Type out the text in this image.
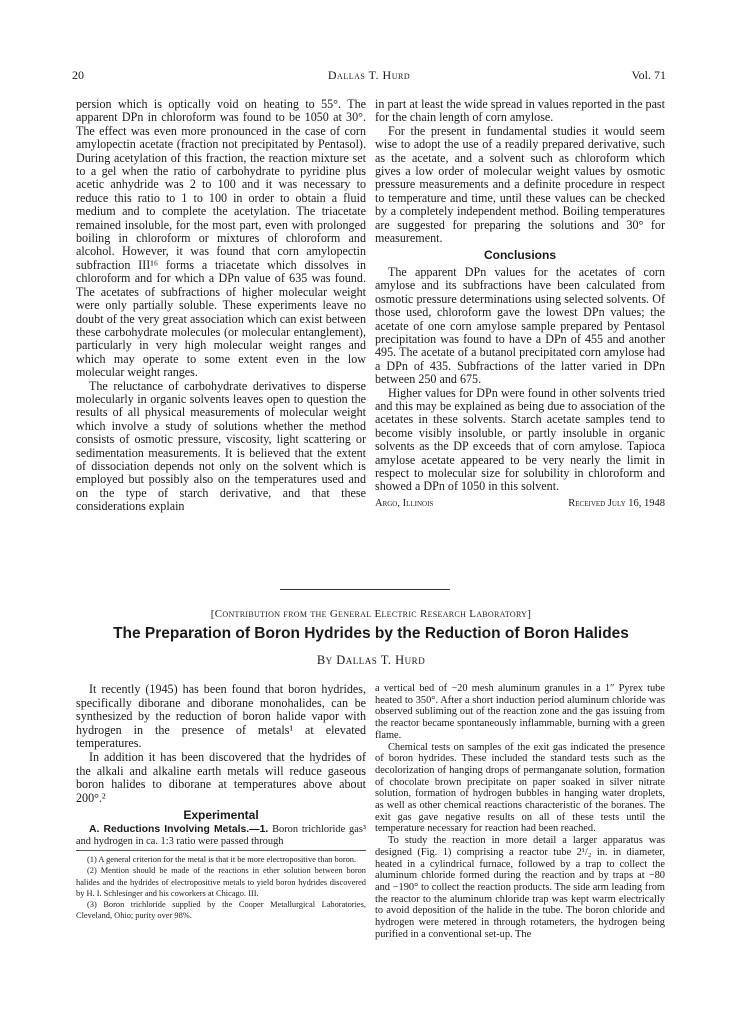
20	Dallas T. Hurd	Vol. 71

persion which is optically void on heating to 55°. The apparent DPn in chloroform was found to be 1050 at 30°. The effect was even more pronounced in the case of corn amylopectin acetate (fraction not precipitated by Pentasol). During acetylation of this fraction, the reaction mixture set to a gel when the ratio of carbohydrate to pyridine plus acetic anhydride was 2 to 100 and it was necessary to reduce this ratio to 1 to 100 in order to obtain a fluid medium and to complete the acetylation. The triacetate remained insoluble, for the most part, even with prolonged boiling in chloroform or mixtures of chloroform and alcohol. However, it was found that corn amylopectin subfraction III¹⁶ forms a triacetate which dissolves in chloroform and for which a DPn value of 635 was found. The acetates of subfractions of higher molecular weight were only partially soluble. These experiments leave no doubt of the very great association which can exist between these carbohydrate molecules (or molecular entanglement), particularly in very high molecular weight ranges and which may operate to some extent even in the low molecular weight ranges.

The reluctance of carbohydrate derivatives to disperse molecularly in organic solvents leaves open to question the results of all physical measurements of molecular weight which involve a study of solutions whether the method consists of osmotic pressure, viscosity, light scattering or sedimentation measurements. It is believed that the extent of dissociation depends not only on the solvent which is employed but possibly also on the temperatures used and on the type of starch derivative, and that these considerations explain

in part at least the wide spread in values reported in the past for the chain length of corn amylose.

For the present in fundamental studies it would seem wise to adopt the use of a readily prepared derivative, such as the acetate, and a solvent such as chloroform which gives a low order of molecular weight values by osmotic pressure measurements and a definite procedure in respect to temperature and time, until these values can be checked by a completely independent method. Boiling temperatures are suggested for preparing the solutions and 30° for measurement.

Conclusions

The apparent DPn values for the acetates of corn amylose and its subfractions have been calculated from osmotic pressure determinations using selected solvents. Of those used, chloroform gave the lowest DPn values; the acetate of one corn amylose sample prepared by Pentasol precipitation was found to have a DPn of 455 and another 495. The acetate of a butanol precipitated corn amylose had a DPn of 435. Subfractions of the latter varied in DPn between 250 and 675.

Higher values for DPn were found in other solvents tried and this may be explained as being due to association of the acetates in these solvents. Starch acetate samples tend to become visibly insoluble, or partly insoluble in organic solvents as the DP exceeds that of corn amylose. Tapioca amylose acetate appeared to be very nearly the limit in respect to molecular size for solubility in chloroform and showed a DPn of 1050 in this solvent.

Argo, Illinois	Received July 16, 1948
[Contribution from the General Electric Research Laboratory]
The Preparation of Boron Hydrides by the Reduction of Boron Halides
By Dallas T. Hurd

It recently (1945) has been found that boron hydrides, specifically diborane and diborane monohalides, can be synthesized by the reduction of boron halide vapor with hydrogen in the presence of metals¹ at elevated temperatures.

In addition it has been discovered that the hydrides of the alkali and alkaline earth metals will reduce gaseous boron halides to diborane at temperatures above about 200°.²

Experimental

A. Reductions Involving Metals.—1. Boron trichloride gas³ and hydrogen in ca. 1:3 ratio were passed through

(1) A general criterion for the metal is that it be more electropositive than boron.

(2) Mention should be made of the reactions in ether solution between boron halides and the hydrides of electropositive metals to yield boron hydrides discovered by H. I. Schlesinger and his coworkers at Chicago. III.

(3) Boron trichloride supplied by the Cooper Metallurgical Laboratories, Cleveland, Ohio; purity over 98%.

a vertical bed of −20 mesh aluminum granules in a 1″ Pyrex tube heated to 350°. After a short induction period aluminum chloride was observed subliming out of the reaction zone and the gas issuing from the reactor became spontaneously inflammable, burning with a green flame.

Chemical tests on samples of the exit gas indicated the presence of boron hydrides. These included the standard tests such as the decolorization of hanging drops of permanganate solution, formation of chocolate brown precipitate on paper soaked in silver nitrate solution, formation of hydrogen bubbles in hanging water droplets, as well as other chemical reactions characteristic of the boranes. The exit gas gave negative results on all of these tests until the temperature necessary for reaction had been reached.

To study the reaction in more detail a larger apparatus was designed (Fig. 1) comprising a reactor tube 2¹/₂ in. in diameter, heated in a cylindrical furnace, followed by a trap to collect the aluminum chloride formed during the reaction and by traps at −80 and −190° to collect the reaction products. The side arm leading from the reactor to the aluminum chloride trap was kept warm electrically to avoid deposition of the halide in the tube. The boron chloride and hydrogen were metered in through rotameters, the hydrogen being purified in a conventional set-up. The
